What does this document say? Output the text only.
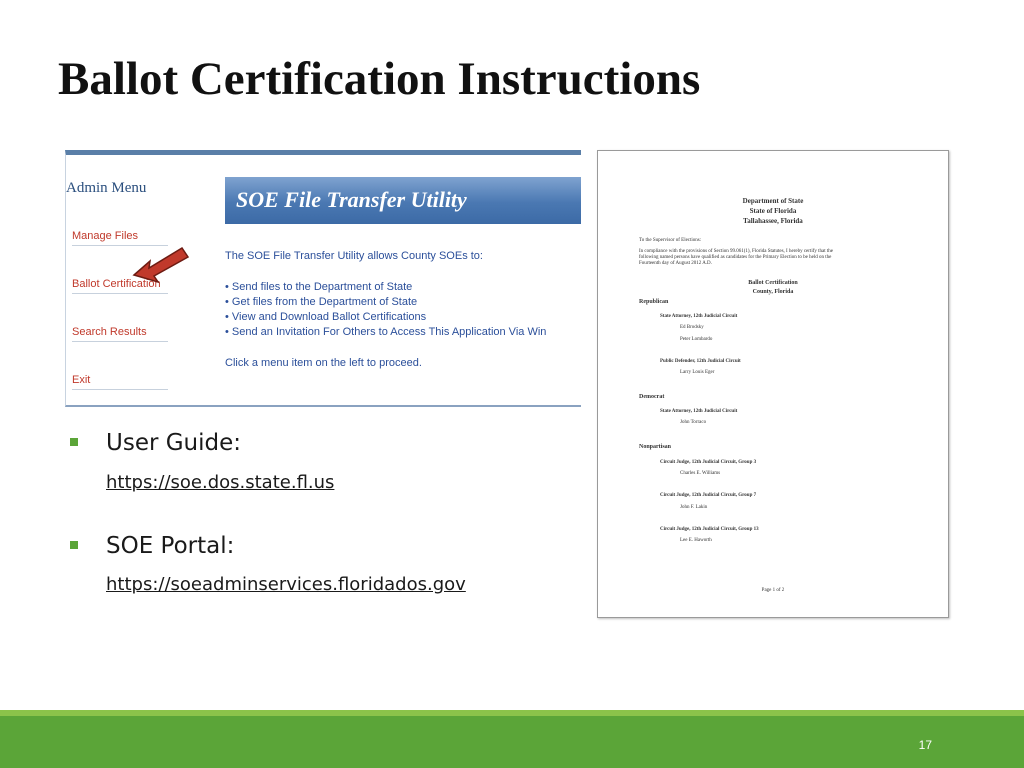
Ballot Certification Instructions
Admin Menu
Manage Files
Ballot Certification
Search Results
Exit
SOE File Transfer Utility
The SOE File Transfer Utility allows County SOEs to:
• Send files to the Department of State
• Get files from the Department of State
• View and Download Ballot Certifications
• Send an Invitation For Others to Access This Application Via Win
Click a menu item on the left to proceed.
User Guide:
https://soe.dos.state.fl.us
SOE Portal:
https://soeadminservices.floridados.gov
Department of State
State of Florida
Tallahassee, Florida
To the Supervisor of Elections:
In compliance with the provisions of Section 99.061(1), Florida Statutes, I hereby certify that the
following named persons have qualified as candidates for the Primary Election to be held on the
Fourteenth day of August 2012 A.D.
Ballot Certification
County, Florida
Republican
State Attorney, 12th Judicial Circuit
Ed Brodsky
Peter Lombardo
Public Defender, 12th Judicial Circuit
Larry Louis Eger
Democrat
State Attorney, 12th Judicial Circuit
John Torraco
Nonpartisan
Circuit Judge, 12th Judicial Circuit, Group 3
Charles E. Williams
Circuit Judge, 12th Judicial Circuit, Group 7
John F. Lakin
Circuit Judge, 12th Judicial Circuit, Group 13
Lee E. Haworth
Page 1 of 2
17
